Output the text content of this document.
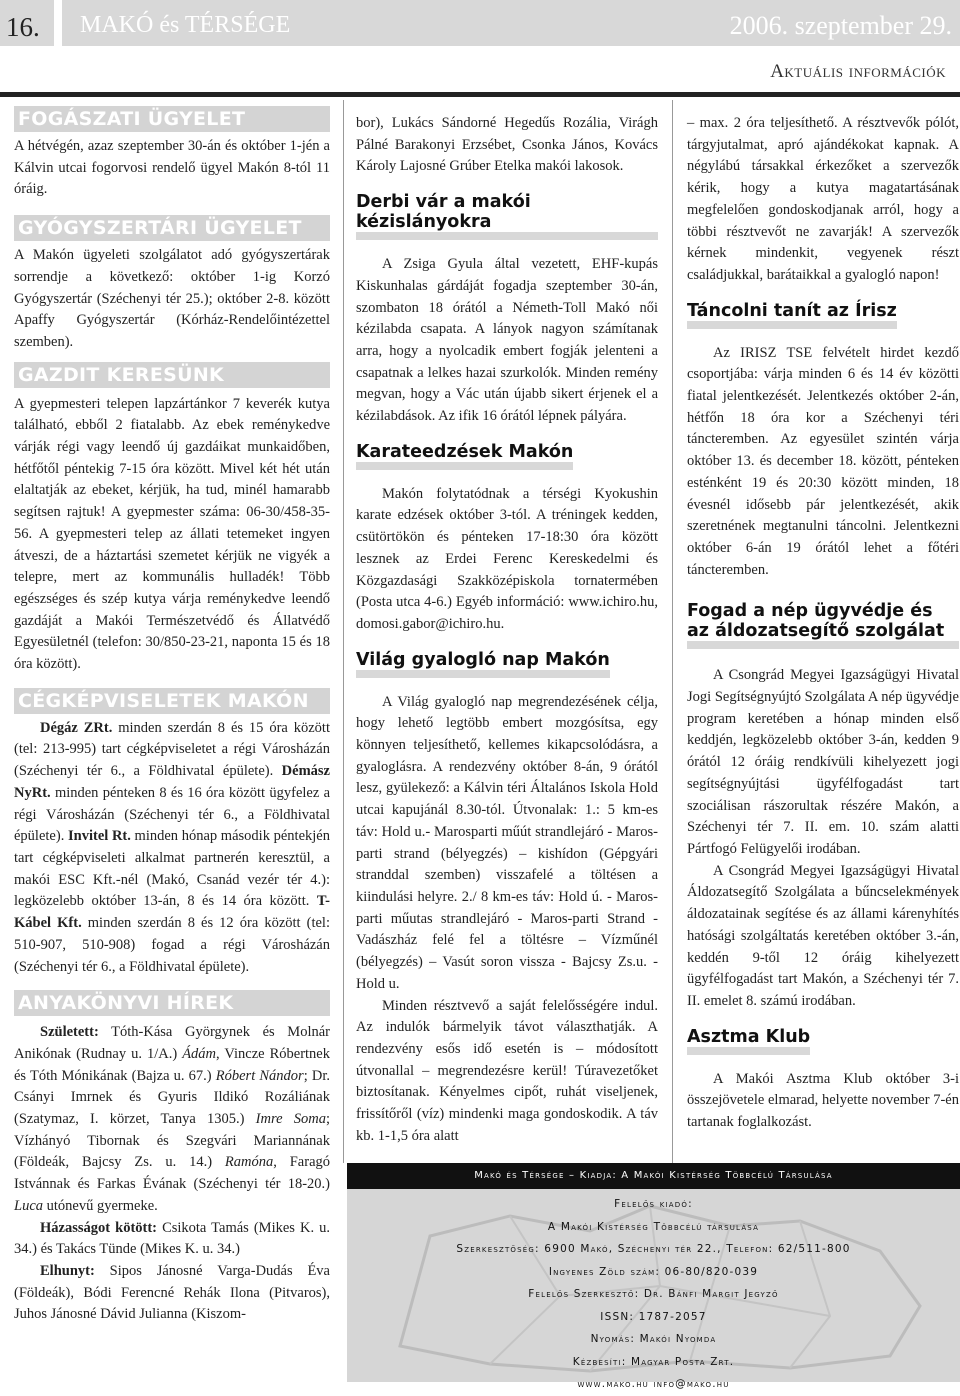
16.	MAKÓ és TÉRSÉGE	2006. szeptember 29.
Aktuális információk
FOGÁSZATI ÜGYELET

A hétvégén, azaz szeptember 30-án és október 1-jén a Kálvin utcai fogorvosi rendelő ügyel Makón 8-tól 11 óráig.

GYÓGYSZERTÁRI ÜGYELET

A Makón ügyeleti szolgálatot adó gyógyszertárak sorrendje a következő: október 1-ig Korzó Gyógyszertár (Széchenyi tér 25.); október 2-8. között Apaffy Gyógyszertár (Kórház-Rendelőintézettel szemben).

GAZDIT KERESÜNK

A gyepmesteri telepen lapzártánkor 7 keverék kutya található, ebből 2 fiatalabb. Az ebek reménykedve várják régi vagy leendő új gazdáikat munkaidőben, hétfőtől péntekig 7-15 óra között. Mivel két hét után elaltatják az ebeket, kérjük, ha tud, minél hamarabb segítsen rajtuk! A gyepmester száma: 06-30/458-35-56. A gyepmesteri telep az állati tetemeket ingyen átveszi, de a háztartási szemetet kérjük ne vigyék a telepre, mert az kommunális hulladék! Több egészséges és szép kutya várja reménykedve leendő gazdáját a Makói Természetvédő és Állatvédő Egyesületnél (telefon: 30/850-23-21, naponta 15 és 18 óra között).

CÉGKÉPVISELETEK MAKÓN

Dégáz ZRt. minden szerdán 8 és 15 óra között (tel: 213-995) tart cégképviseletet a régi Városházán (Széchenyi tér 6., a Földhivatal épülete). Démász NyRt. minden pénteken 8 és 16 óra között ügyfelez a régi Városházán (Széchenyi tér 6., a Földhivatal épülete). Invitel Rt. minden hónap második péntekjén tart cégképviseleti alkalmat partnerén keresztül, a makói ESC Kft.-nél (Makó, Csanád vezér tér 4.): legközelebb október 13-án, 8 és 14 óra között. T-Kábel Kft. minden szerdán 8 és 12 óra között (tel: 510-907, 510-908) fogad a régi Városházán (Széchenyi tér 6., a Földhivatal épülete).

ANYAKÖNYVI HÍREK

Született: Tóth-Kása Györgynek és Molnár Anikónak (Rudnay u. 1/A.) Ádám, Vincze Róbertnek és Tóth Mónikának (Bajza u. 67.) Róbert Nándor; Dr. Csányi Imrnek és Gyuris Ildikó Rozáliának (Szatymaz, I. körzet, Tanya 1305.) Imre Soma; Vízhányó Tibornak és Szegvári Mariannának (Földeák, Bajcsy Zs. u. 14.) Ramóna, Faragó Istvánnak és Farkas Évának (Széchenyi tér 18-20.) Luca utónevű gyermeke.

Házasságot kötött: Csikota Tamás (Mikes K. u. 34.) és Takács Tünde (Mikes K. u. 34.)

Elhunyt: Sipos Jánosné Varga-Dudás Éva (Földeák), Bódi Ferencné Rehák Ilona (Pitvaros), Juhos Jánosné Dávid Julianna (Kiszom-

bor), Lukács Sándorné Hegedűs Rozália, Virágh Pálné Barakonyi Erzsébet, Csonka János, Kovács Károly Lajosné Grúber Etelka makói lakosok.

Derbi vár a makói kézislányokra

A Zsiga Gyula által vezetett, EHF-kupás Kiskunhalas gárdáját fogadja szeptember 30-án, szombaton 18 órától a Németh-Toll Makó női kézilabda csapata. A lányok nagyon számítanak arra, hogy a nyolcadik embert fogják jelenteni a csapatnak a lelkes hazai szurkolók. Minden remény megvan, hogy a Vác után újabb sikert érjenek el a kézilabdások. Az ifik 16 órától lépnek pályára.

Karateedzések Makón

Makón folytatódnak a térségi Kyokushin karate edzések október 3-tól. A tréningek kedden, csütörtökön és pénteken 17-18:30 óra között lesznek az Erdei Ferenc Kereskedelmi és Közgazdasági Szakközépiskola tornatermében (Posta utca 4-6.) Egyéb információ: www.ichiro.hu, domosi.gabor@ichiro.hu.

Világ gyalogló nap Makón

A Világ gyalogló nap megrendezésének célja, hogy lehető legtöbb embert mozgósítsa, egy könnyen teljesíthető, kellemes kikapcsolódásra, a gyaloglásra. A rendezvény október 8-án, 9 órától lesz, gyülekező: a Kálvin téri Általános Iskola Hold utcai kapujánál 8.30-tól. Útvonalak: 1.: 5 km-es táv: Hold u.- Marosparti műút strandlejáró - Maros-parti strand (bélyegzés) – kishídon (Gépgyári stranddal szemben) visszafelé a töltésen a kiindulási helyre. 2./ 8 km-es táv: Hold ú. - Maros-parti műutas strandlejáró - Maros-parti Strand -Vadászház felé fel a töltésre – Vízműnél (bélyegzés) – Vasút soron vissza - Bajcsy Zs.u. - Hold u.

Minden résztvevő a saját felelősségére indul. Az indulók bármelyik távot választhatják. A rendezvény esős idő esetén is – módosított útvonallal – megrendezésre kerül! Túravezetőket biztosítanak. Kényelmes cipőt, ruhát viseljenek, frissítőről (víz) mindenki maga gondoskodik. A táv kb. 1-1,5 óra alatt

– max. 2 óra teljesíthető. A résztvevők pólót, tárgyjutalmat, apró ajándékokat kapnak. A négylábú társakkal érkezőket a szervezők kérik, hogy a kutya magatartásának megfelelően gondoskodjanak arról, hogy a többi résztvevőt ne zavarják! A szervezők kérnek mindenkit, vegyenek részt családjukkal, barátaikkal a gyalogló napon!

Táncolni tanít az Írisz

Az IRISZ TSE felvételt hirdet kezdő csoportjába: várja minden 6 és 14 év közötti fiatal jelentkezését. Jelentkezés október 2-án, hétfőn 18 óra kor a Széchenyi téri táncteremben. Az egyesület szintén várja október 13. és december 18. között, pénteken esténként 19 és 20:30 között minden, 18 évesnél idősebb pár jelentkezését, akik szeretnének megtanulni táncolni. Jelentkezni október 6-án 19 órától lehet a főtéri táncteremben.

Fogad a nép ügyvédje és az áldozatsegítő szolgálat

A Csongrád Megyei Igazságügyi Hivatal Jogi Segítségnyújtó Szolgálata A nép ügyvédje program keretében a hónap minden első keddjén, legközelebb október 3-án, kedden 9 órától 12 óráig rendkívüli kihelyezett jogi segítségnyújtási ügyfélfogadást tart szociálisan rászorultak részére Makón, a Széchenyi tér 7. II. em. 10. szám alatti Pártfogó Felügyelői irodában.

A Csongrád Megyei Igazságügyi Hivatal Áldozatsegítő Szolgálata a bűncselekmények áldozatainak segítése és az állami kárenyhítés hatósági szolgáltatás keretében október 3.-án, keddén 9-től 12 óráig kihelyezett ügyfélfogadást tart Makón, a Széchenyi tér 7. II. emelet 8. számú irodában.

Asztma Klub

A Makói Asztma Klub október 3-i összejövetele elmarad, helyette november 7-én tartanak foglalkozást.

Makó és Térsége – Kiadja: A Makói Kistérség Többcélú Társulása
Felelős kiadó:
A Makói Kistérség Többcélú társulása
Szerkesztőség: 6900 Makó, Széchenyi tér 22., Telefon: 62/511-800
Ingyenes Zöld szám: 06-80/820-039
Felelős Szerkesztő: Dr. Bánfi Margit Jegyző
ISSN: 1787-2057
Nyomás: Makói Nyomda
Kézbesíti: Magyar Posta Zrt.
www.mako.hu info@mako.hu
